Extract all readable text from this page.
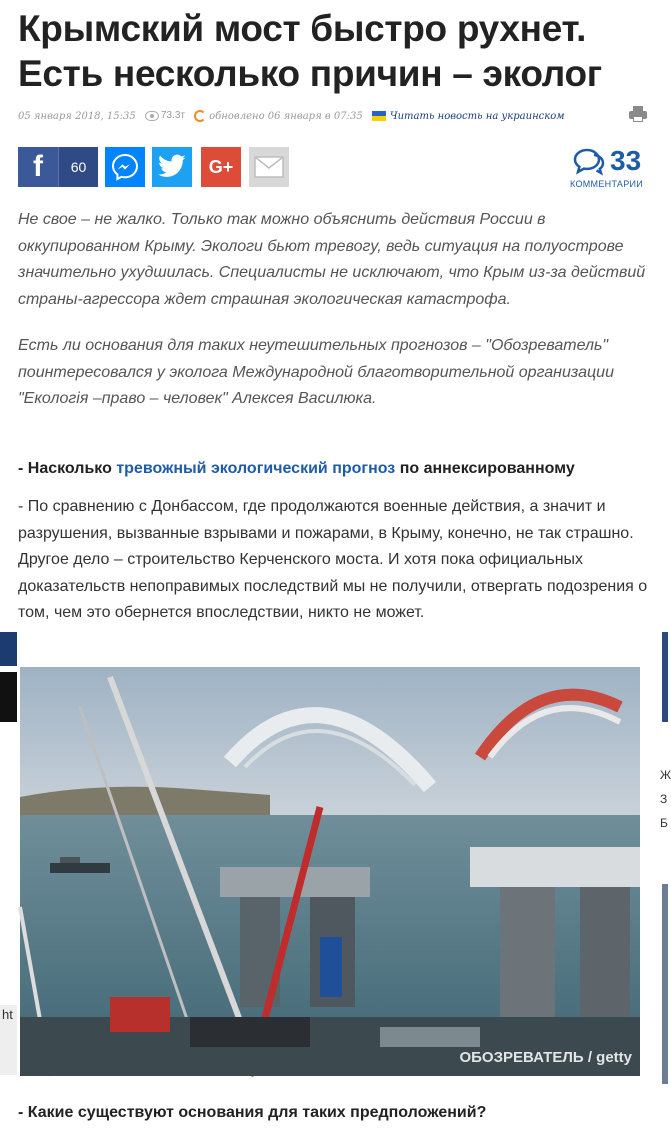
Крымский мост быстро рухнет. Есть несколько причин – эколог
05 января 2018, 15:35	73.3т обновлено 06 января в 07:35	Читать новость на украинском
f	60	G+	33
КОММЕНТАРИИ

Не свое – не жалко. Только так можно объяснить действия России в оккупированном Крыму. Экологи бьют тревогу, ведь ситуация на полуострове значительно ухудшилась. Специалисты не исключают, что Крым из-за действий страны-агрессора ждет страшная экологическая катастрофа.

Есть ли основания для таких неутешительных прогнозов – "Обозреватель" поинтересовался у эколога Международной благотворительной организации "Екологія –право – человек" Алексея Василюка.

- Насколько тревожный экологический прогноз по аннексированному
- По сравнению с Донбассом, где продолжаются военные действия, а значит и разрушения, вызванные взрывами и пожарами, в Крыму, конечно, не так страшно. Другое дело – строительство Керченского моста. И хотя пока официальных доказательств непоправимых последствий мы не получили, отвергать подозрения о том, чем это обернется впоследствии, никто не может.
ОБОЗРЕВАТЕЛЬ / getty
- Какие существуют основания для таких предположений?
ht
Ж
З
Б
